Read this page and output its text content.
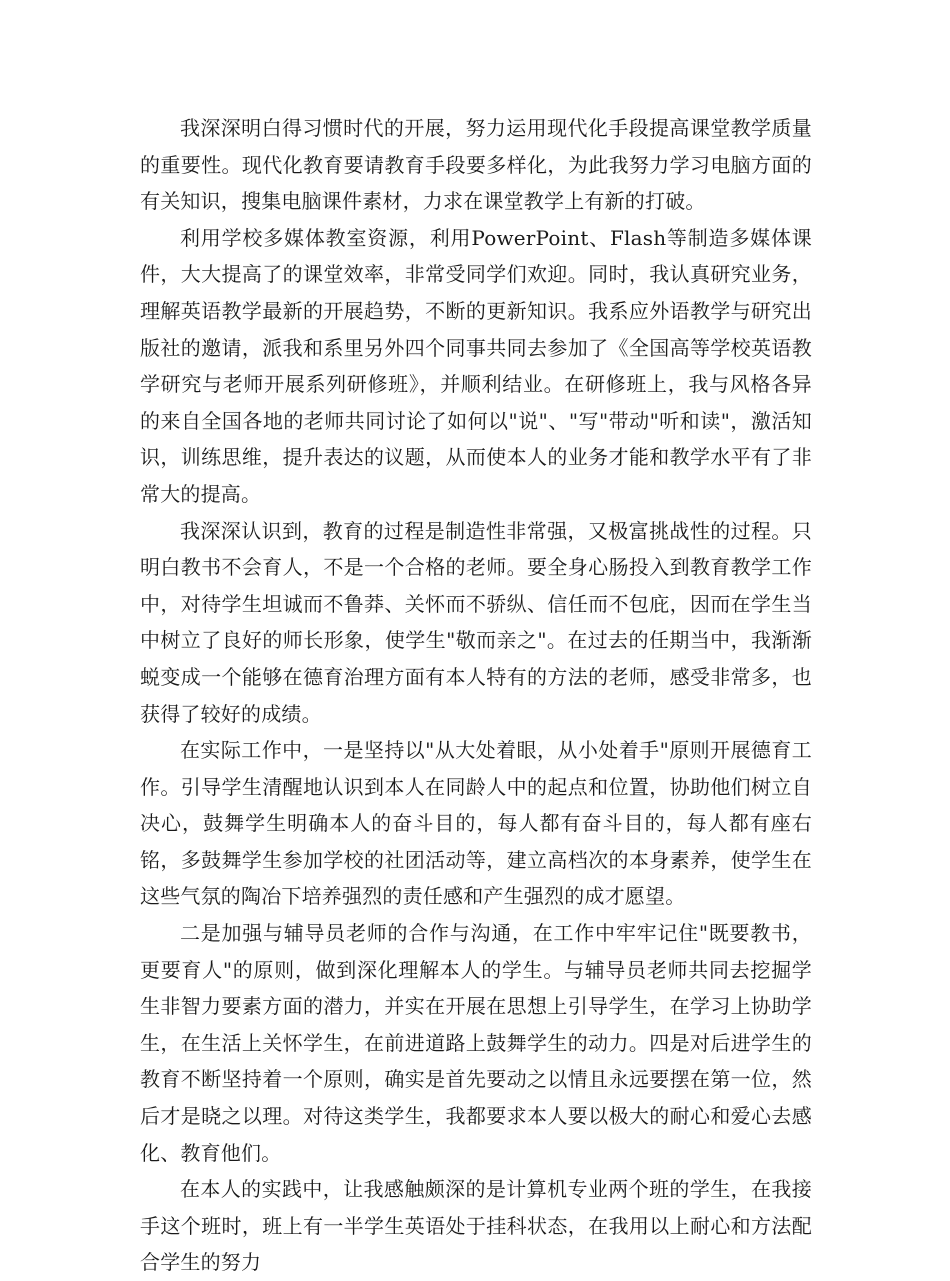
我深深明白得习惯时代的开展，努力运用现代化手段提高课堂教学质量的重要性。现代化教育要请教育手段要多样化，为此我努力学习电脑方面的有关知识，搜集电脑课件素材，力求在课堂教学上有新的打破。

利用学校多媒体教室资源，利用PowerPoint、Flash等制造多媒体课件，大大提高了的课堂效率，非常受同学们欢迎。同时，我认真研究业务，理解英语教学最新的开展趋势，不断的更新知识。我系应外语教学与研究出版社的邀请，派我和系里另外四个同事共同去参加了《全国高等学校英语教学研究与老师开展系列研修班》，并顺利结业。在研修班上，我与风格各异的来自全国各地的老师共同讨论了如何以"说"、"写"带动"听和读"，激活知识，训练思维，提升表达的议题，从而使本人的业务才能和教学水平有了非常大的提高。

我深深认识到，教育的过程是制造性非常强，又极富挑战性的过程。只明白教书不会育人，不是一个合格的老师。要全身心肠投入到教育教学工作中，对待学生坦诚而不鲁莽、关怀而不骄纵、信任而不包庇，因而在学生当中树立了良好的师长形象，使学生"敬而亲之"。在过去的任期当中，我渐渐蜕变成一个能够在德育治理方面有本人特有的方法的老师，感受非常多，也获得了较好的成绩。

在实际工作中，一是坚持以"从大处着眼，从小处着手"原则开展德育工作。引导学生清醒地认识到本人在同龄人中的起点和位置，协助他们树立自决心，鼓舞学生明确本人的奋斗目的，每人都有奋斗目的，每人都有座右铭，多鼓舞学生参加学校的社团活动等，建立高档次的本身素养，使学生在这些气氛的陶冶下培养强烈的责任感和产生强烈的成才愿望。

二是加强与辅导员老师的合作与沟通，在工作中牢牢记住"既要教书，更要育人"的原则，做到深化理解本人的学生。与辅导员老师共同去挖掘学生非智力要素方面的潜力，并实在开展在思想上引导学生，在学习上协助学生，在生活上关怀学生，在前进道路上鼓舞学生的动力。四是对后进学生的教育不断坚持着一个原则，确实是首先要动之以情且永远要摆在第一位，然后才是晓之以理。对待这类学生，我都要求本人要以极大的耐心和爱心去感化、教育他们。

在本人的实践中，让我感触颇深的是计算机专业两个班的学生，在我接手这个班时，班上有一半学生英语处于挂科状态，在我用以上耐心和方法配合学生的努力
